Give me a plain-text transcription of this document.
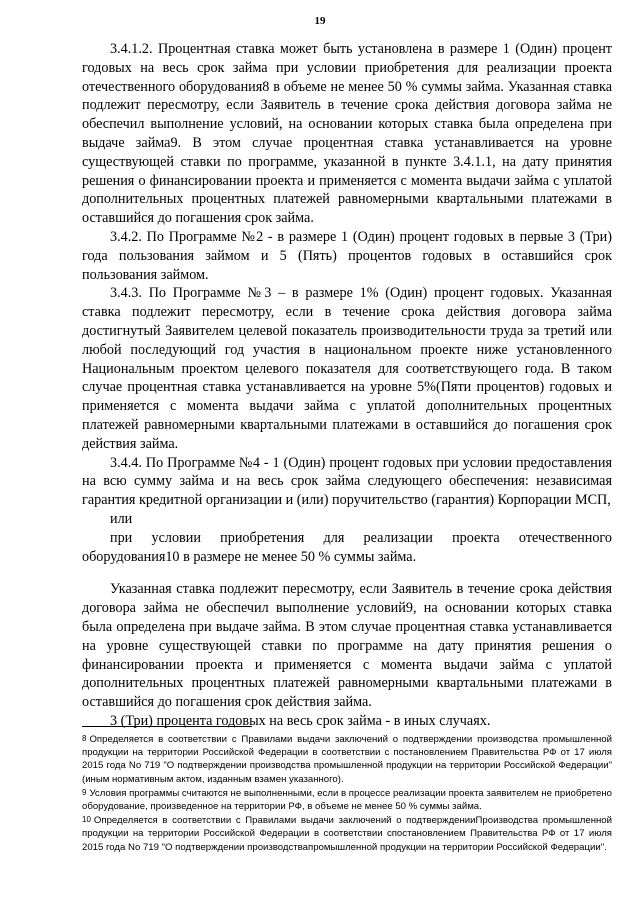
19

3.4.1.2. Процентная ставка может быть установлена в размере 1 (Один) процент годовых на весь срок займа при условии приобретения для реализации проекта отечественного оборудования8 в объеме не менее 50 % суммы займа. Указанная ставка подлежит пересмотру, если Заявитель в течение срока действия договора займа не обеспечил выполнение условий, на основании которых ставка была определена при выдаче займа9. В этом случае процентная ставка устанавливается на уровне существующей ставки по программе, указанной в пункте 3.4.1.1, на дату принятия решения о финансировании проекта и применяется с момента выдачи займа с уплатой дополнительных процентных платежей равномерными квартальными платежами в оставшийся до погашения срок займа.

3.4.2. По Программе №2 - в размере 1 (Один) процент годовых в первые 3 (Три) года пользования займом и 5 (Пять) процентов годовых в оставшийся срок пользования займом.

3.4.3. По Программе №3 – в размере 1% (Один) процент годовых. Указанная ставка подлежит пересмотру, если в течение срока действия договора займа достигнутый Заявителем целевой показатель производительности труда за третий или любой последующий год участия в национальном проекте ниже установленного Национальным проектом целевого показателя для соответствующего года. В таком случае процентная ставка устанавливается на уровне 5%(Пяти процентов) годовых и применяется с момента выдачи займа с уплатой дополнительных процентных платежей равномерными квартальными платежами в оставшийся до погашения срок действия займа.

3.4.4. По Программе №4 - 1 (Один) процент годовых при условии предоставления на всю сумму займа и на весь срок займа следующего обеспечения: независимая гарантия кредитной организации и (или) поручительство (гарантия) Корпорации МСП,

или

при условии приобретения для реализации проекта отечественного оборудования10 в размере не менее 50 % суммы займа.

Указанная ставка подлежит пересмотру, если Заявитель в течение срока действия договора займа не обеспечил выполнение условий9, на основании которых ставка была определена при выдаче займа. В этом случае процентная ставка устанавливается на уровне существующей ставки по программе на дату принятия решения о финансировании проекта и применяется с момента выдачи займа с уплатой дополнительных процентных платежей равномерными квартальными платежами в оставшийся до погашения срок действия займа.

3 (Три) процента годовых на весь срок займа - в иных случаях.

8 Определяется в соответствии с Правилами выдачи заключений о подтверждении производства промышленной продукции на территории Российской Федерации в соответствии с постановлением Правительства РФ от 17 июля 2015 года No 719 "О подтверждении производства промышленной продукции на территории Российской Федерации" (иным нормативным актом, изданным взамен указанного).

9 Условия программы считаются не выполненными, если в процессе реализации проекта заявителем не приобретено оборудование, произведенное на территории РФ, в объеме не менее 50 % суммы займа.

10 Определяется в соответствии с Правилами выдачи заключений о подтвержденииПроизводства промышленной продукции на территории Российской Федерации в соответствии спостановлением Правительства РФ от 17 июля 2015 года No 719 "О подтверждении производствапромышленной продукции на территории Российской Федерации".
